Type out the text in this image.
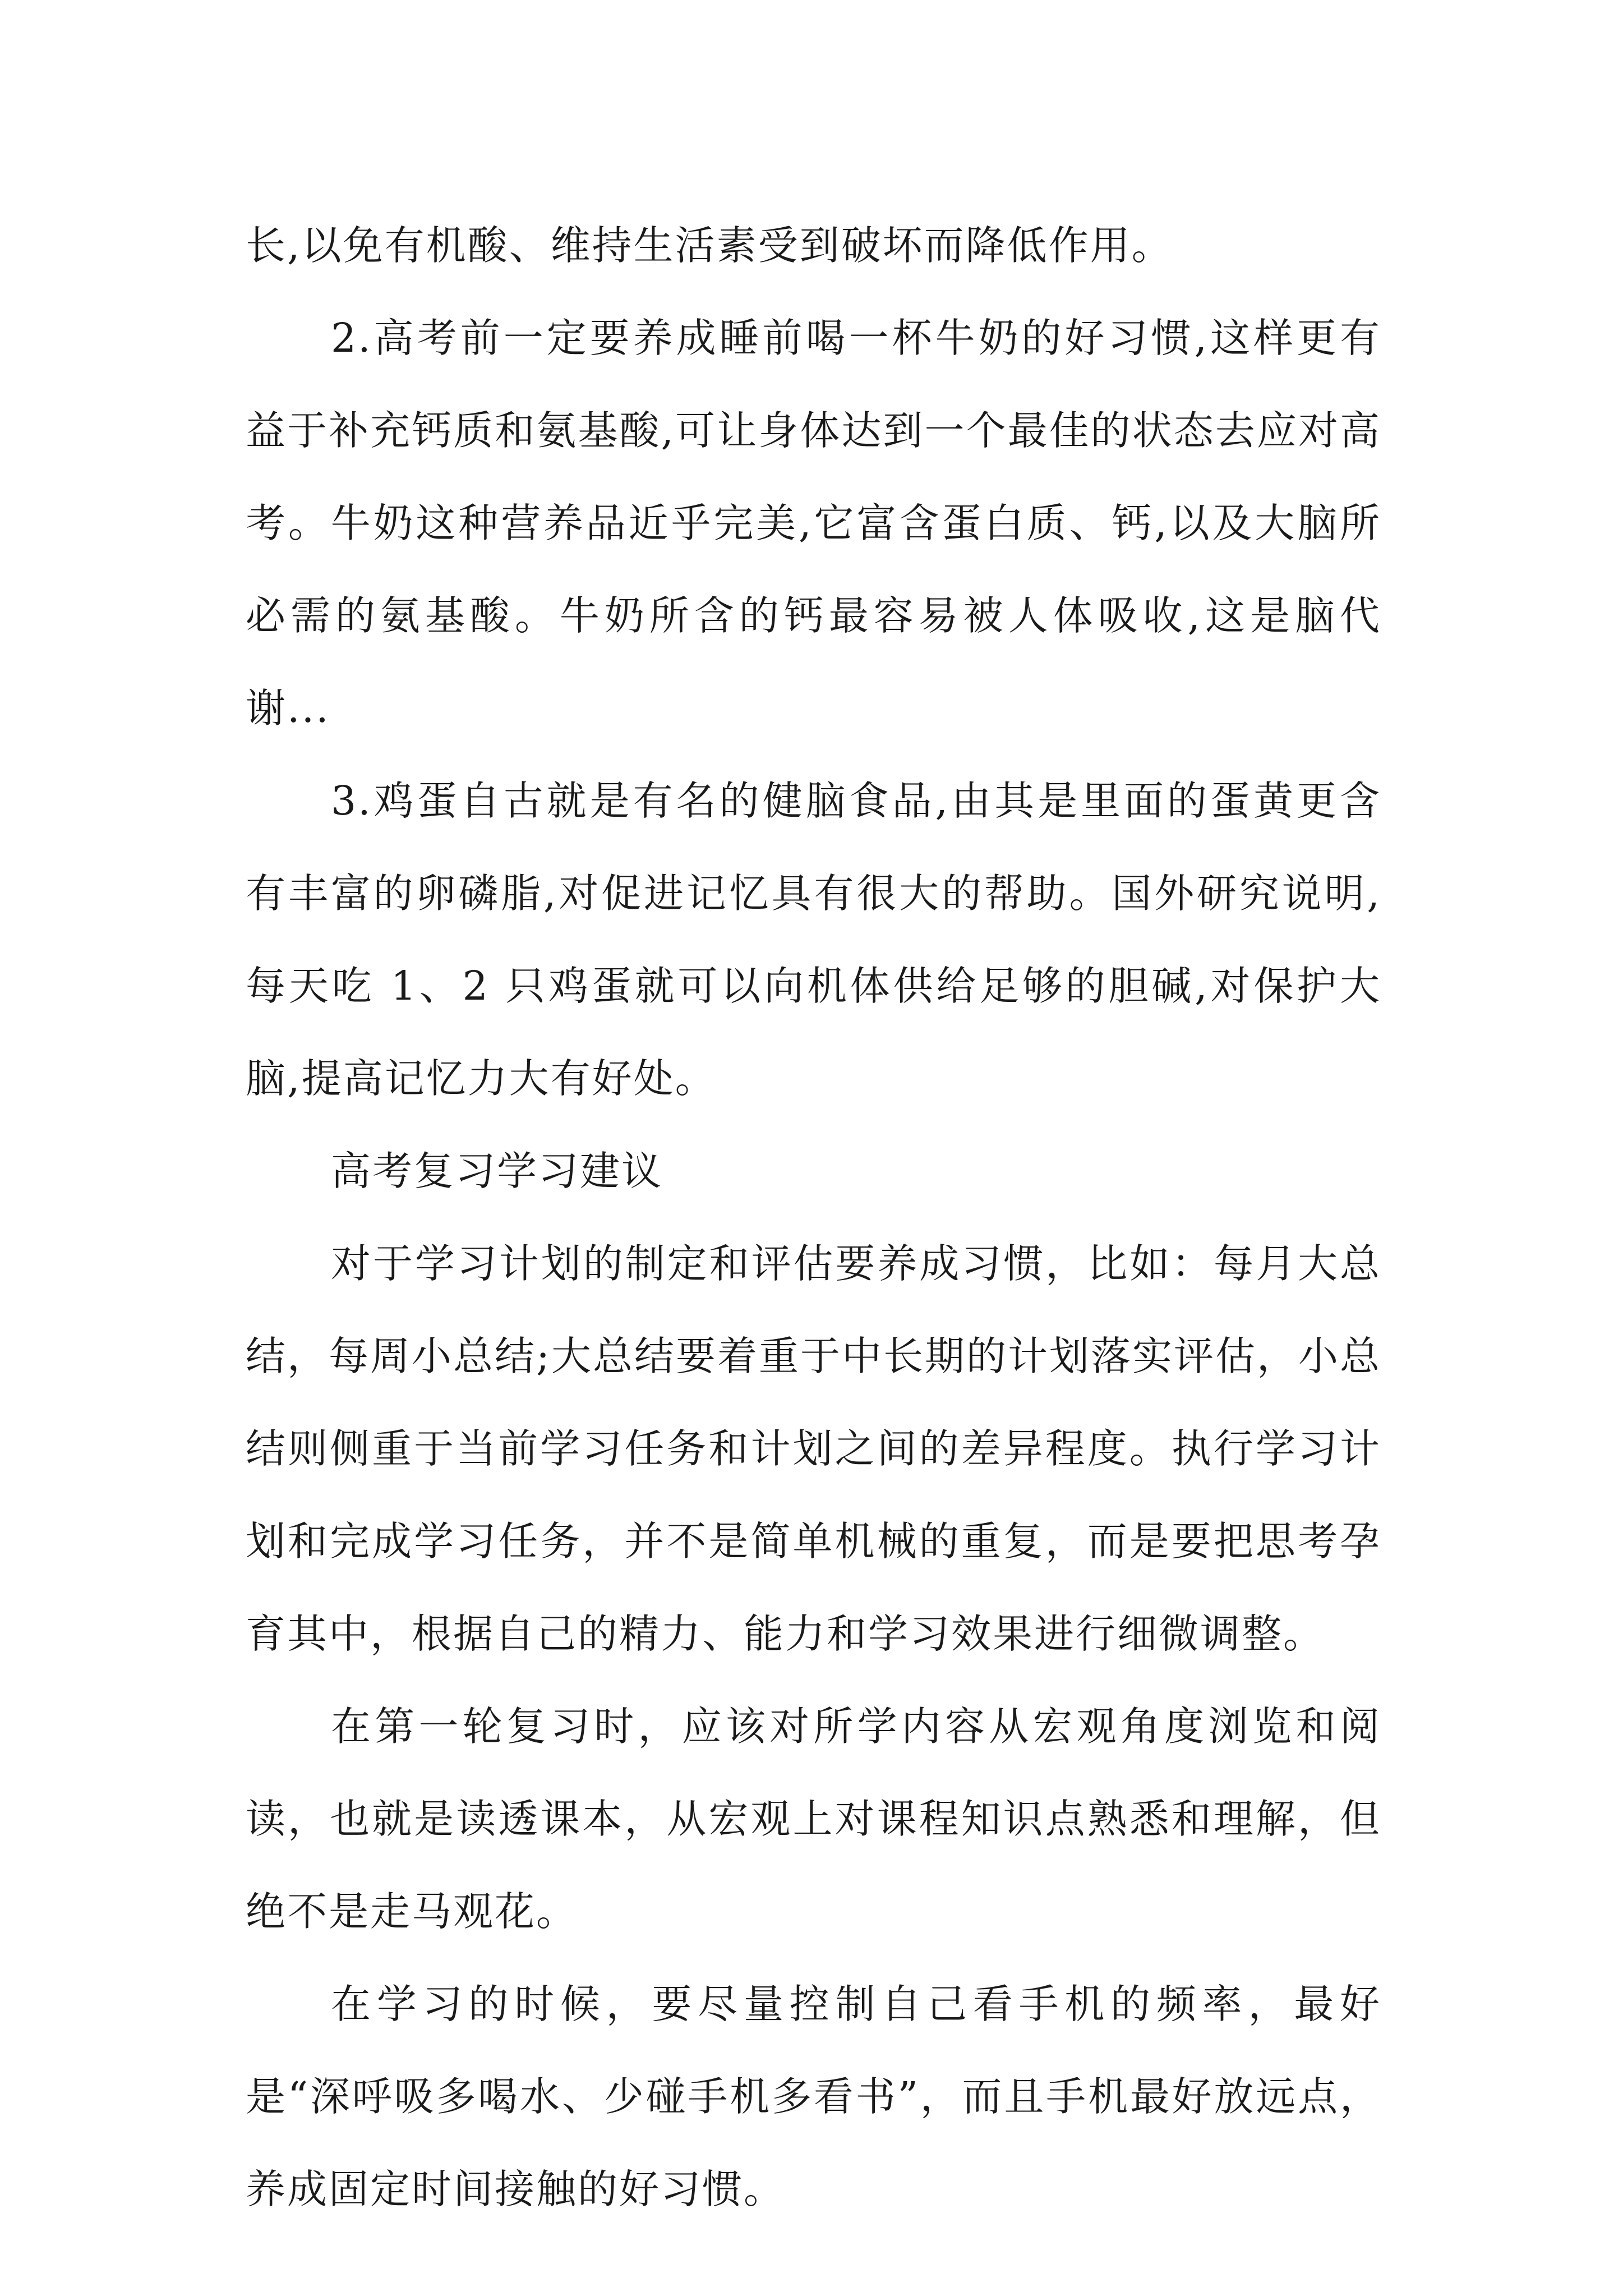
长,以免有机酸、维持生活素受到破坏而降低作用。

2.高考前一定要养成睡前喝一杯牛奶的好习惯,这样更有益于补充钙质和氨基酸,可让身体达到一个最佳的状态去应对高考。牛奶这种营养品近乎完美,它富含蛋白质、钙,以及大脑所必需的氨基酸。牛奶所含的钙最容易被人体吸收,这是脑代谢...

3.鸡蛋自古就是有名的健脑食品,由其是里面的蛋黄更含有丰富的卵磷脂,对促进记忆具有很大的帮助。国外研究说明,每天吃 1、2 只鸡蛋就可以向机体供给足够的胆碱,对保护大脑,提高记忆力大有好处。

高考复习学习建议

对于学习计划的制定和评估要养成习惯，比如：每月大总结，每周小总结;大总结要着重于中长期的计划落实评估，小总结则侧重于当前学习任务和计划之间的差异程度。执行学习计划和完成学习任务，并不是简单机械的重复，而是要把思考孕育其中，根据自己的精力、能力和学习效果进行细微调整。

在第一轮复习时，应该对所学内容从宏观角度浏览和阅读，也就是读透课本，从宏观上对课程知识点熟悉和理解，但绝不是走马观花。

在学习的时候，要尽量控制自己看手机的频率，最好是“深呼吸多喝水、少碰手机多看书”，而且手机最好放远点，养成固定时间接触的好习惯。
